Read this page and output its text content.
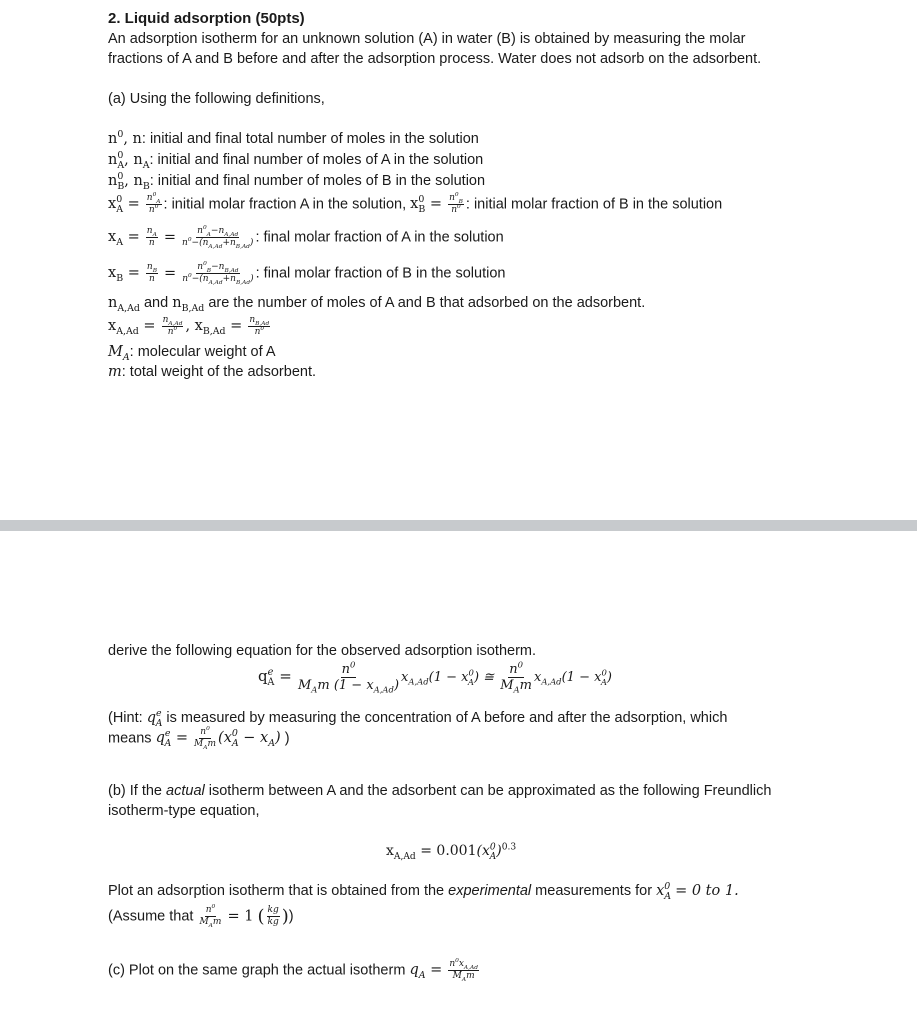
2. Liquid adsorption (50pts)
An adsorption isotherm for an unknown solution (A) in water (B) is obtained by measuring the molar
fractions of A and B before and after the adsorption process. Water does not adsorb on the adsorbent.
(a) Using the following definitions,
$n^0$, n: initial and final total number of moles in the solution
$n^0_A$, $n_A$: initial and final number of moles of A in the solution
$n^0_B$, $n_B$: initial and final number of moles of B in the solution
$x^0_A = \frac{n^0_A}{n^0}$ : initial molar fraction A in the solution, $x^0_B = \frac{n^0_B}{n^0}$ : initial molar fraction of B in the solution
$x_A = \frac{n_A}{n} = \frac{n^0_A-n_{A,Ad}}{n^0-(n_{A,Ad}+n_{B,Ad})}$ : final molar fraction of A in the solution
$x_B = \frac{n_B}{n} = \frac{n^0_B-n_{B,Ad}}{n^0-(n_{A,Ad}+n_{B,Ad})}$ : final molar fraction of B in the solution
$n_{A,Ad}$ and $n_{B,Ad}$ are the number of moles of A and B that adsorbed on the adsorbent.
$x_{A,Ad} = \frac{n_{A,Ad}}{n^0}$ , $x_{B,Ad} = \frac{n_{B,Ad}}{n^0}$
$M_A$: molecular weight of A
m: total weight of the adsorbent.
derive the following equation for the observed adsorption isotherm.
$q^e_A = \frac{n^0}{M_Am (1 - x_{A,Ad})} x_{A,Ad}(1 - x^0_A)$ ≅ $\frac{n^0}{M_Am} x_{A,Ad}(1 - x^0_A)$
(Hint: $q^e_A$ is measured by measuring the concentration of A before and after the adsorption, which
means $q^e_A = \frac{n^0}{M_Am} (x^0_A - x_A)$ )
(b) If the actual isotherm between A and the adsorbent can be approximated as the following Freundlich
isotherm-type equation,
$x_{A,Ad} = 0.001(x^0_A)^{0.3}$
Plot an adsorption isotherm that is obtained from the experimental measurements for $x^0_A = 0$ to 1.
(Assume that $\frac{n^0}{M_Am} = 1$ ( $\frac{kg}{kg}$ ))
(c) Plot on the same graph the actual isotherm $q_A = \frac{n^0x_{A,Ad}}{M_Am}$
